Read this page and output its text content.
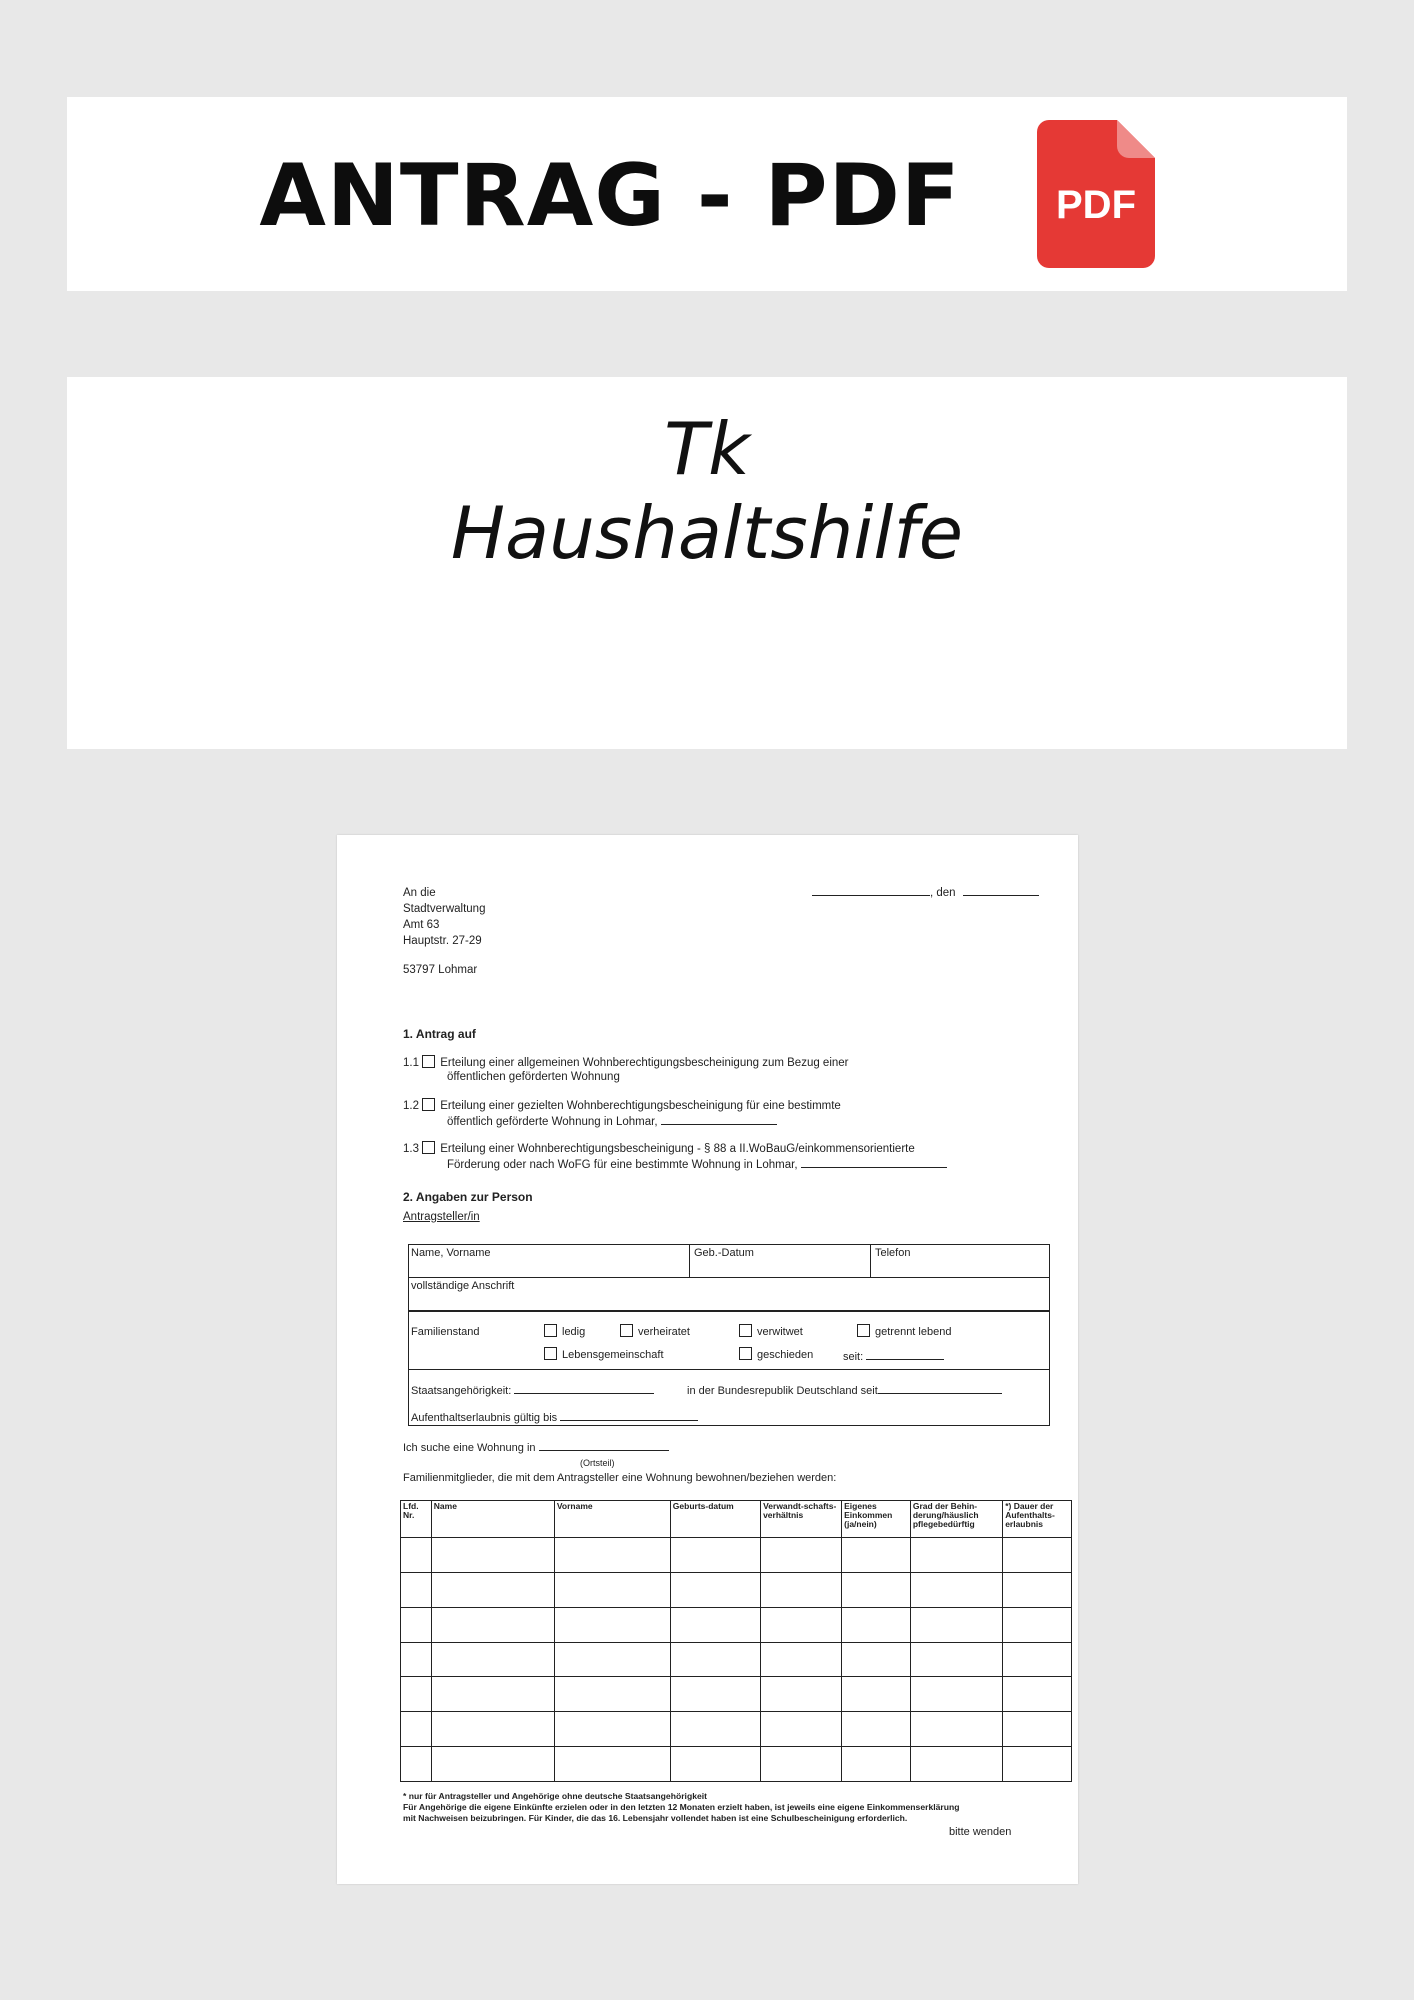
ANTRAG - PDF PDF
Tk
Haushaltshilfe
An die
Stadtverwaltung
Amt 63
Hauptstr. 27-29
53797 Lohmar
, den
1. Antrag auf
1.1 Erteilung einer allgemeinen Wohnberechtigungsbescheinigung zum Bezug einer
öffentlichen geförderten Wohnung
1.2 Erteilung einer gezielten Wohnberechtigungsbescheinigung für eine bestimmte
öffentlich geförderte Wohnung in Lohmar,
1.3 Erteilung einer Wohnberechtigungsbescheinigung - § 88 a II.WoBauG/einkommensorientierte
Förderung oder nach WoFG für eine bestimmte Wohnung in Lohmar,
2. Angaben zur Person
Antragsteller/in
Name, Vorname	Geb.-Datum	Telefon
vollständige Anschrift
Familienstand	ledig	verheiratet	verwitwet	getrennt lebend
Lebensgemeinschaft	geschieden	seit:
Staatsangehörigkeit:	in der Bundesrepublik Deutschland seit
Aufenthaltserlaubnis gültig bis
Ich suche eine Wohnung in
(Ortsteil)
Familienmitglieder, die mit dem Antragsteller eine Wohnung bewohnen/beziehen werden:
Lfd. Nr.	Name	Vorname	Geburts-datum	Verwandt-schafts-verhältnis	Eigenes Einkommen (ja/nein)	Grad der Behin-derung/häuslich pflegebedürftig	*) Dauer der Aufenthalts-erlaubnis

* nur für Antragsteller und Angehörige ohne deutsche Staatsangehörigkeit
Für Angehörige die eigene Einkünfte erzielen oder in den letzten 12 Monaten erzielt haben, ist jeweils eine eigene Einkommenserklärung
mit Nachweisen beizubringen. Für Kinder, die das 16. Lebensjahr vollendet haben ist eine Schulbescheinigung erforderlich.
bitte wenden
